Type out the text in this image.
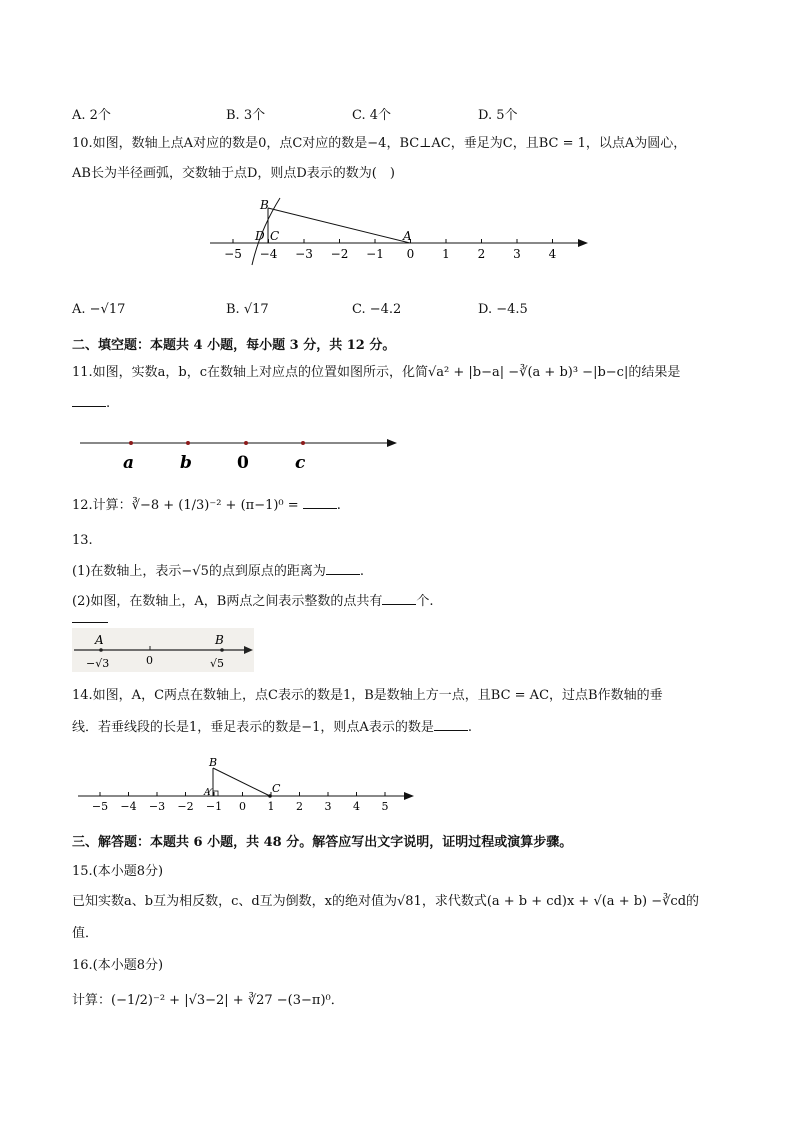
A. 2个	B. 3个	C. 4个	D. 5个
10.如图，数轴上点A对应的数是0，点C对应的数是−4，BC⊥AC，垂足为C，且BC = 1，以点A为圆心，
AB长为半径画弧，交数轴于点D，则点D表示的数为(　)
−5 −4 −3 −2 −1 0 1 2 3 4
B
D C	A
A. −√17	B. √17	C. −4.2	D. −4.5
二、填空题：本题共 4 小题，每小题 3 分，共 12 分。
11.如图，实数a，b，c在数轴上对应点的位置如图所示，化简√a² + |b−a| −∛(a + b)³ −|b−c|的结果是
.
a	b	0	c
12.计算：∛−8 + (1/3)⁻² + (π−1)⁰ =	.
13.
(1)在数轴上，表示−√5的点到原点的距离为	.
(2)如图，在数轴上，A，B两点之间表示整数的点共有	个.
A
−√3	0
B
√5
14.如图，A，C两点在数轴上，点C表示的数是1，B是数轴上方一点，且BC = AC，过点B作数轴的垂
线．若垂线段的长是1，垂足表示的数是−1，则点A表示的数是	.
−5 −4 −3 −2 −1 0 1 2 3 4 5
B
A	C
三、解答题：本题共 6 小题，共 48 分。解答应写出文字说明，证明过程或演算步骤。
15.(本小题8分)
已知实数a、b互为相反数，c、d互为倒数，x的绝对值为√81，求代数式(a + b + cd)x + √(a + b) −∛cd的
值．
16.(本小题8分)
计算：(−1/2)⁻² + |√3−2| + ∛27 −(3−π)⁰．
